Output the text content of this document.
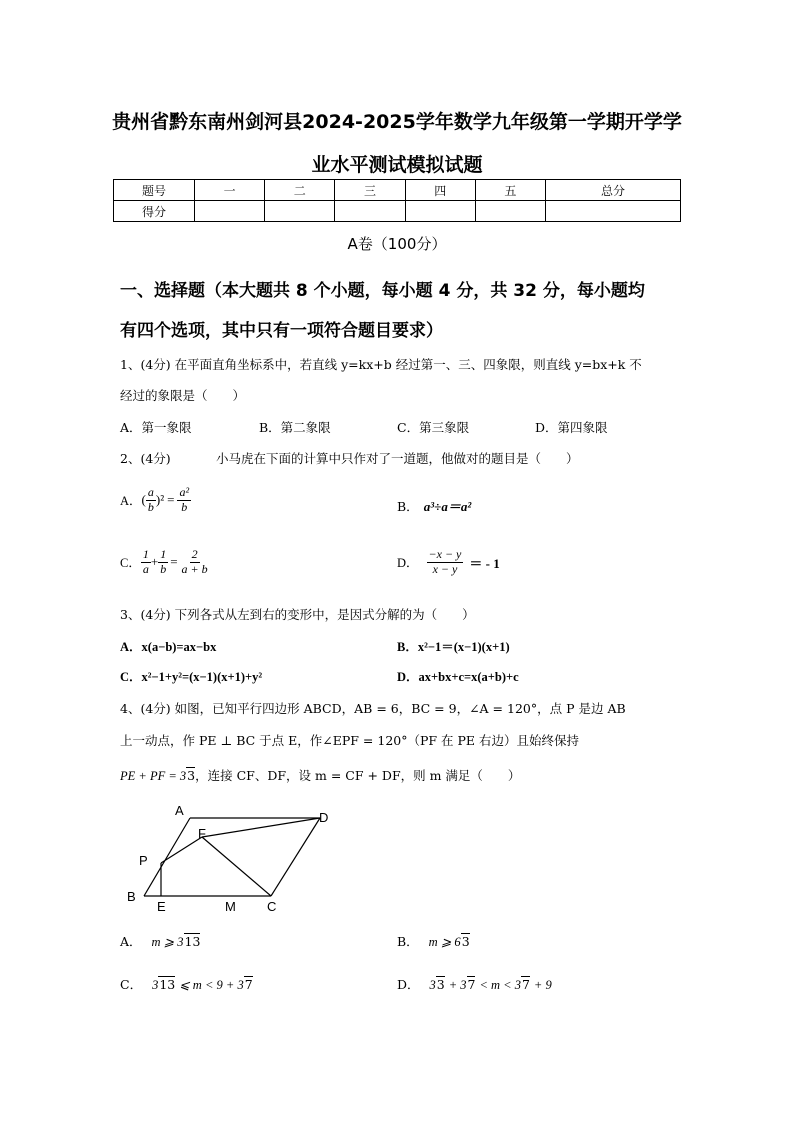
贵州省黔东南州剑河县2024-2025学年数学九年级第一学期开学学
业水平测试模拟试题
题号	一	二	三	四	五	总分
得分						
A卷（100分）
一、选择题（本大题共 8 个小题，每小题 4 分，共 32 分，每小题均
有四个选项，其中只有一项符合题目要求）
1、(4分) 在平面直角坐标系中，若直线 y=kx+b 经过第一、三、四象限，则直线 y=bx+k 不
经过的象限是（　　）
A．第一象限	B．第二象限	C．第三象限	D．第四象限
2、(4分)	小马虎在下面的计算中只作对了一道题，他做对的题目是（　　）
A． ( $\frac{a}{b} )^2 = \frac{\text{a²}}{b}$	B． a³÷a＝a²
C． $\frac{1}{a} + \frac{1}{b} = \frac{2}{a + b}$	D． $\frac{-x - y}{x - y}$ ＝ - 1
3、(4分) 下列各式从左到右的变形中，是因式分解的为（　　）
A．x(a−b)=ax−bx	B．x²−1＝(x−1)(x+1)
C．x²−1+y²=(x−1)(x+1)+y²	D．ax+bx+c=x(a+b)+c
4、(4分) 如图，已知平行四边形 ABCD，AB = 6，BC = 9，∠A = 120°，点 P 是边 AB
上一动点，作 PE ⊥ BC 于点 E，作∠EPF = 120°（PF 在 PE 右边）且始终保持
PE + PF = 33，连接 CF、DF，设 m = CF + DF，则 m 满足（　　）
A	D
F
P
B
E	M C
A． m ⩾ 313	B． m ⩾ 63
C． 313 ⩽ m < 9 + 37	D． 33 + 37 < m < 37 + 9
